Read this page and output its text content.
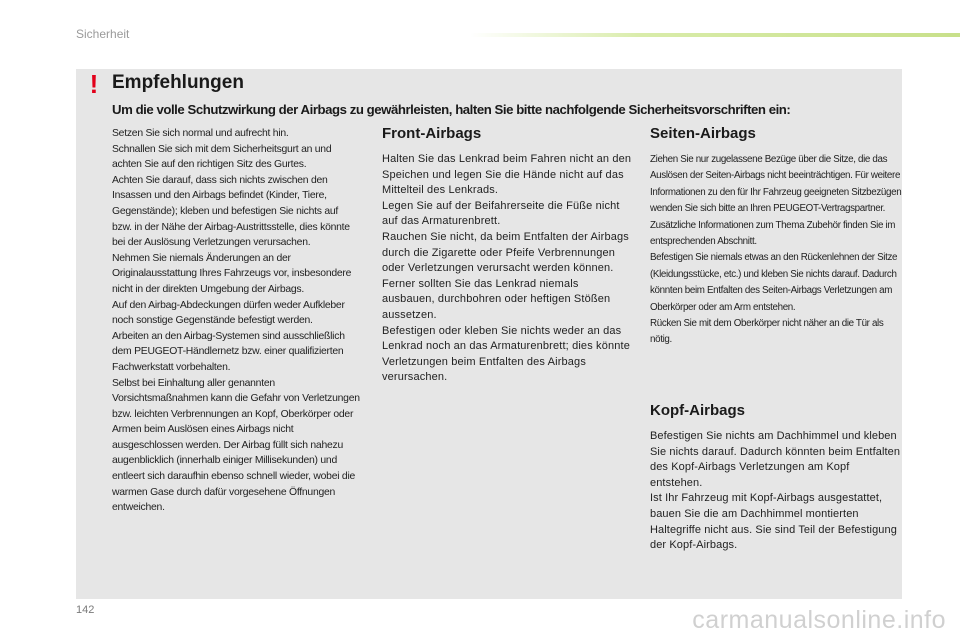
Sicherheit
! Empfehlungen
Um die volle Schutzwirkung der Airbags zu gewährleisten, halten Sie bitte nachfolgende Sicherheitsvorschriften ein:

Setzen Sie sich normal und aufrecht hin.

Schnallen Sie sich mit dem Sicherheitsgurt an und achten Sie auf den richtigen Sitz des Gurtes.

Achten Sie darauf, dass sich nichts zwischen den Insassen und den Airbags befindet (Kinder, Tiere, Gegenstände); kleben und befestigen Sie nichts auf bzw. in der Nähe der Airbag-Austrittsstelle, dies könnte bei der Auslösung Verletzungen verursachen.

Nehmen Sie niemals Änderungen an der Originalausstattung Ihres Fahrzeugs vor, insbesondere nicht in der direkten Umgebung der Airbags.

Auf den Airbag-Abdeckungen dürfen weder Aufkleber noch sonstige Gegenstände befestigt werden.

Arbeiten an den Airbag-Systemen sind ausschließlich dem PEUGEOT-Händlernetz bzw. einer qualifizierten Fachwerkstatt vorbehalten.

Selbst bei Einhaltung aller genannten Vorsichtsmaßnahmen kann die Gefahr von Verletzungen bzw. leichten Verbrennungen an Kopf, Oberkörper oder Armen beim Auslösen eines Airbags nicht ausgeschlossen werden. Der Airbag füllt sich nahezu augenblicklich (innerhalb einiger Millisekunden) und entleert sich daraufhin ebenso schnell wieder, wobei die warmen Gase durch dafür vorgesehene Öffnungen entweichen.

Front-Airbags

Halten Sie das Lenkrad beim Fahren nicht an den Speichen und legen Sie die Hände nicht auf das Mittelteil des Lenkrads.

Legen Sie auf der Beifahrerseite die Füße nicht auf das Armaturenbrett.

Rauchen Sie nicht, da beim Entfalten der Airbags durch die Zigarette oder Pfeife Verbrennungen oder Verletzungen verursacht werden können.

Ferner sollten Sie das Lenkrad niemals ausbauen, durchbohren oder heftigen Stößen aussetzen.

Befestigen oder kleben Sie nichts weder an das Lenkrad noch an das Armaturenbrett; dies könnte Verletzungen beim Entfalten des Airbags verursachen.

Seiten-Airbags

Ziehen Sie nur zugelassene Bezüge über die Sitze, die das Auslösen der Seiten-Airbags nicht beeinträchtigen. Für weitere Informationen zu den für Ihr Fahrzeug geeigneten Sitzbezügen wenden Sie sich bitte an Ihren PEUGEOT-Vertragspartner. Zusätzliche Informationen zum Thema Zubehör finden Sie im entsprechenden Abschnitt.

Befestigen Sie niemals etwas an den Rückenlehnen der Sitze (Kleidungsstücke, etc.) und kleben Sie nichts darauf. Dadurch könnten beim Entfalten des Seiten-Airbags Verletzungen am Oberkörper oder am Arm entstehen.

Rücken Sie mit dem Oberkörper nicht näher an die Tür als nötig.

Kopf-Airbags

Befestigen Sie nichts am Dachhimmel und kleben Sie nichts darauf. Dadurch könnten beim Entfalten des Kopf-Airbags Verletzungen am Kopf entstehen.

Ist Ihr Fahrzeug mit Kopf-Airbags ausgestattet, bauen Sie die am Dachhimmel montierten Haltegriffe nicht aus. Sie sind Teil der Befestigung der Kopf-Airbags.

142	carmanualsonline.info
